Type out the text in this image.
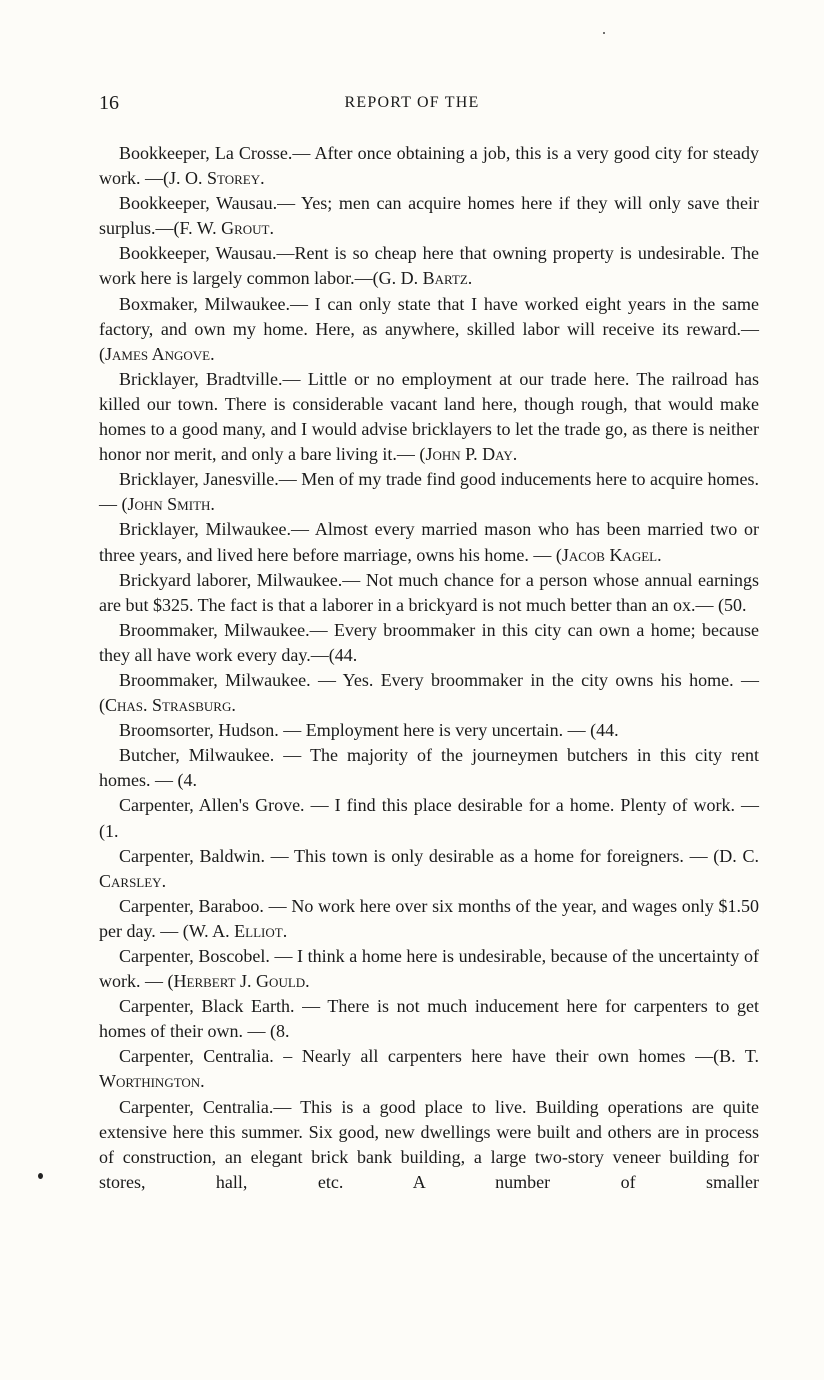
16	REPORT OF THE

Bookkeeper, La Crosse.— After once obtaining a job, this is a very good city for steady work. —(J. O. Storey.

Bookkeeper, Wausau.— Yes; men can acquire homes here if they will only save their surplus.—(F. W. Grout.

Bookkeeper, Wausau.—Rent is so cheap here that owning property is undesirable. The work here is largely common labor.—(G. D. Bartz.

Boxmaker, Milwaukee.— I can only state that I have worked eight years in the same factory, and own my home. Here, as anywhere, skilled labor will receive its reward.—(James Angove.

Bricklayer, Bradtville.— Little or no employment at our trade here. The railroad has killed our town. There is considerable vacant land here, though rough, that would make homes to a good many, and I would advise bricklayers to let the trade go, as there is neither honor nor merit, and only a bare living it.— (John P. Day.

Bricklayer, Janesville.— Men of my trade find good inducements here to acquire homes.— (John Smith.

Bricklayer, Milwaukee.— Almost every married mason who has been married two or three years, and lived here before marriage, owns his home. — (Jacob Kagel.

Brickyard laborer, Milwaukee.— Not much chance for a person whose annual earnings are but $325. The fact is that a laborer in a brickyard is not much better than an ox.— (50.

Broommaker, Milwaukee.— Every broommaker in this city can own a home; because they all have work every day.—(44.

Broommaker, Milwaukee. — Yes. Every broommaker in the city owns his home. — (Chas. Strasburg.

Broomsorter, Hudson. — Employment here is very uncertain. — (44.

Butcher, Milwaukee. — The majority of the journeymen butchers in this city rent homes. — (4.

Carpenter, Allen's Grove. — I find this place desirable for a home. Plenty of work. — (1.

Carpenter, Baldwin. — This town is only desirable as a home for foreigners. — (D. C. Carsley.

Carpenter, Baraboo. — No work here over six months of the year, and wages only $1.50 per day. — (W. A. Elliot.

Carpenter, Boscobel. — I think a home here is undesirable, because of the uncertainty of work. — (Herbert J. Gould.

Carpenter, Black Earth. — There is not much inducement here for carpenters to get homes of their own. — (8.

Carpenter, Centralia. – Nearly all carpenters here have their own homes —(B. T. Worthington.

Carpenter, Centralia.— This is a good place to live. Building operations are quite extensive here this summer. Six good, new dwellings were built and others are in process of construction, an elegant brick bank building, a large two-story veneer building for stores, hall, etc. A number of smaller
